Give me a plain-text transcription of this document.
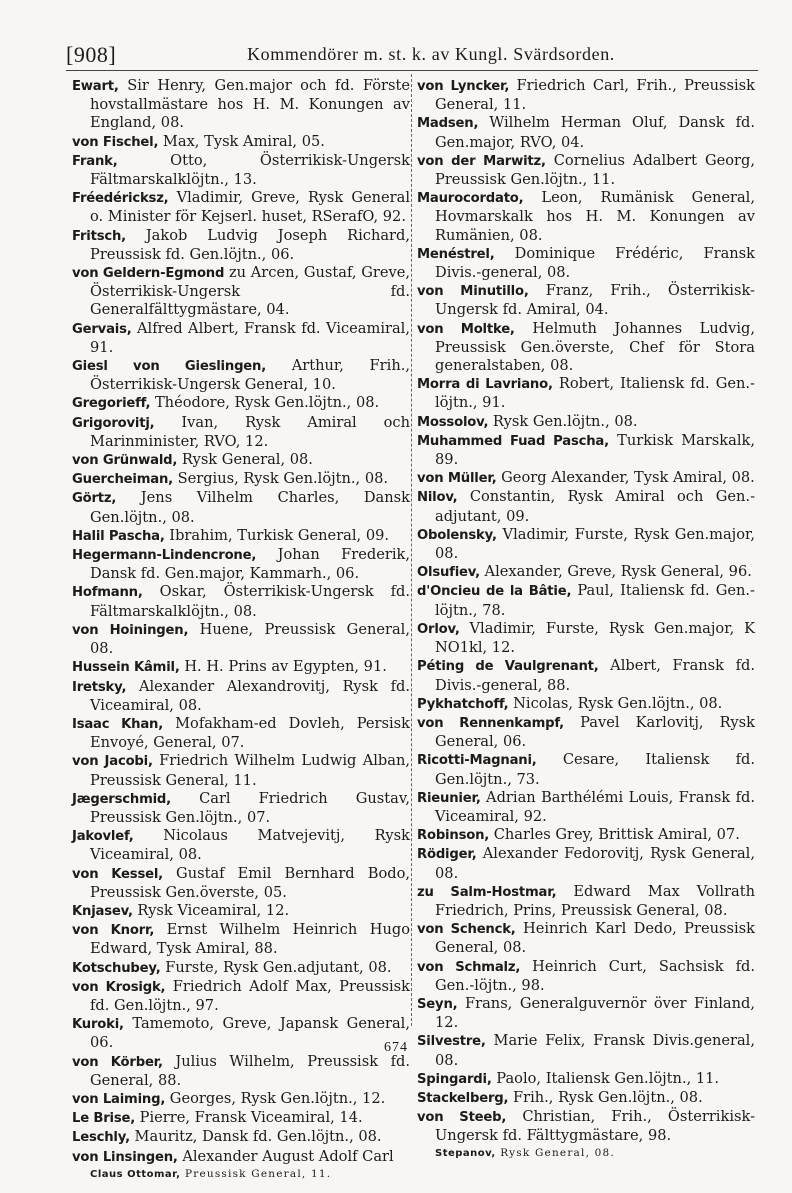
[908]	Kommendörer m. st. k. av Kungl. Svärdsorden.

Ewart, Sir Henry, Gen.major och fd. Förste hovstallmästare hos H. M. Konungen av England, 08.

von Fischel, Max, Tysk Amiral, 05.

Frank, Otto, Österrikisk-Ungersk Fältmarskalklöjtn., 13.

Fréedéricksz, Vladimir, Greve, Rysk General o. Minister för Kejserl. huset, RSerafO, 92.

Fritsch, Jakob Ludvig Joseph Richard, Preussisk fd. Gen.löjtn., 06.

von Geldern-Egmond zu Arcen, Gustaf, Greve, Österrikisk-Ungersk fd. Generalfälttygmästare, 04.

Gervais, Alfred Albert, Fransk fd. Viceamiral, 91.

Giesl von Gieslingen, Arthur, Frih., Österrikisk-Ungersk General, 10.

Gregorieff, Théodore, Rysk Gen.löjtn., 08.

Grigorovitj, Ivan, Rysk Amiral och Marinminister, RVO, 12.

von Grünwald, Rysk General, 08.

Guercheiman, Sergius, Rysk Gen.löjtn., 08.

Görtz, Jens Vilhelm Charles, Dansk Gen.löjtn., 08.

Halil Pascha, Ibrahim, Turkisk General, 09.

Hegermann-Lindencrone, Johan Frederik, Dansk fd. Gen.major, Kammarh., 06.

Hofmann, Oskar, Österrikisk-Ungersk fd. Fältmarskalklöjtn., 08.

von Hoiningen, Huene, Preussisk General, 08.

Hussein Kâmil, H. H. Prins av Egypten, 91.

Iretsky, Alexander Alexandrovitj, Rysk fd. Viceamiral, 08.

Isaac Khan, Mofakham-ed Dovleh, Persisk Envoyé, General, 07.

von Jacobi, Friedrich Wilhelm Ludwig Alban, Preussisk General, 11.

Jægerschmid, Carl Friedrich Gustav, Preussisk Gen.löjtn., 07.

Jakovlef, Nicolaus Matvejevitj, Rysk Viceamiral, 08.

von Kessel, Gustaf Emil Bernhard Bodo, Preussisk Gen.överste, 05.

Knjasev, Rysk Viceamiral, 12.

von Knorr, Ernst Wilhelm Heinrich Hugo Edward, Tysk Amiral, 88.

Kotschubey, Furste, Rysk Gen.adjutant, 08.

von Krosigk, Friedrich Adolf Max, Preussisk fd. Gen.löjtn., 97.

Kuroki, Tamemoto, Greve, Japansk General, 06.

von Körber, Julius Wilhelm, Preussisk fd. General, 88.

von Laiming, Georges, Rysk Gen.löjtn., 12.

Le Brise, Pierre, Fransk Viceamiral, 14.

Leschly, Mauritz, Dansk fd. Gen.löjtn., 08.

von Linsingen, Alexander August Adolf Carl

Claus Ottomar, Preussisk General, 11.

von Lyncker, Friedrich Carl, Frih., Preussisk General, 11.

Madsen, Wilhelm Herman Oluf, Dansk fd. Gen.major, RVO, 04.

von der Marwitz, Cornelius Adalbert Georg, Preussisk Gen.löjtn., 11.

Maurocordato, Leon, Rumänisk General, Hovmarskalk hos H. M. Konungen av Rumänien, 08.

Menéstrel, Dominique Frédéric, Fransk Divis.-general, 08.

von Minutillo, Franz, Frih., Österrikisk-Ungersk fd. Amiral, 04.

von Moltke, Helmuth Johannes Ludvig, Preussisk Gen.överste, Chef för Stora generalstaben, 08.

Morra di Lavriano, Robert, Italiensk fd. Gen.-löjtn., 91.

Mossolov, Rysk Gen.löjtn., 08.

Muhammed Fuad Pascha, Turkisk Marskalk, 89.

von Müller, Georg Alexander, Tysk Amiral, 08.

Nilov, Constantin, Rysk Amiral och Gen.-adjutant, 09.

Obolensky, Vladimir, Furste, Rysk Gen.major, 08.

Olsufiev, Alexander, Greve, Rysk General, 96.

d'Oncieu de la Bâtie, Paul, Italiensk fd. Gen.-löjtn., 78.

Orlov, Vladimir, Furste, Rysk Gen.major, K NO1kl, 12.

Péting de Vaulgrenant, Albert, Fransk fd. Divis.-general, 88.

Pykhatchoff, Nicolas, Rysk Gen.löjtn., 08.

von Rennenkampf, Pavel Karlovitj, Rysk General, 06.

Ricotti-Magnani, Cesare, Italiensk fd. Gen.löjtn., 73.

Rieunier, Adrian Barthélémi Louis, Fransk fd. Viceamiral, 92.

Robinson, Charles Grey, Brittisk Amiral, 07.

Rödiger, Alexander Fedorovitj, Rysk General, 08.

zu Salm-Hostmar, Edward Max Vollrath Friedrich, Prins, Preussisk General, 08.

von Schenck, Heinrich Karl Dedo, Preussisk General, 08.

von Schmalz, Heinrich Curt, Sachsisk fd. Gen.-löjtn., 98.

Seyn, Frans, Generalguvernör över Finland, 12.

Silvestre, Marie Felix, Fransk Divis.general, 08.

Spingardi, Paolo, Italiensk Gen.löjtn., 11.

Stackelberg, Frih., Rysk Gen.löjtn., 08.

von Steeb, Christian, Frih., Österrikisk-Ungersk fd. Fälttygmästare, 98.

Stepanov, Rysk General, 08.

674
